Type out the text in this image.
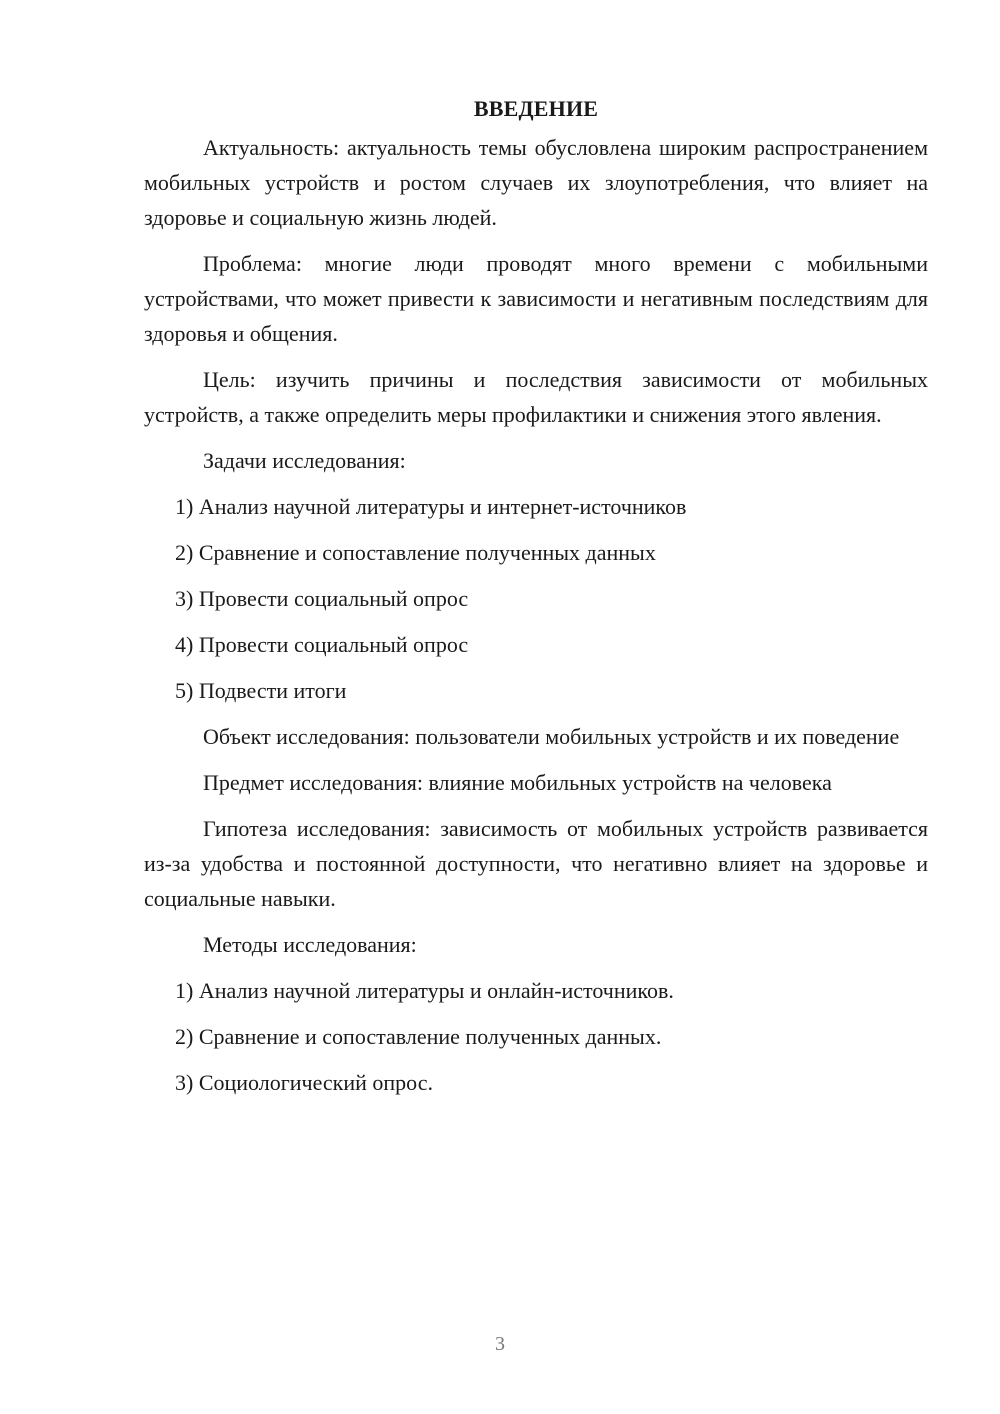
ВВЕДЕНИЕ

Актуальность: актуальность темы обусловлена широким распространением мобильных устройств и ростом случаев их злоупотребления, что влияет на здоровье и социальную жизнь людей.

Проблема: многие люди проводят много времени с мобильными устройствами, что может привести к зависимости и негативным последствиям для здоровья и общения.

Цель: изучить причины и последствия зависимости от мобильных устройств, а также определить меры профилактики и снижения этого явления.

Задачи исследования:

1) Анализ научной литературы и интернет-источников
2) Сравнение и сопоставление полученных данных
3) Провести социальный опрос
4) Провести социальный опрос
5) Подвести итоги

Объект исследования: пользователи мобильных устройств и их поведение

Предмет исследования: влияние мобильных устройств на человека

Гипотеза исследования: зависимость от мобильных устройств развивается из-за удобства и постоянной доступности, что негативно влияет на здоровье и социальные навыки.

Методы исследования:

1) Анализ научной литературы и онлайн-источников.
2) Сравнение и сопоставление полученных данных.
3) Социологический опрос.
3
